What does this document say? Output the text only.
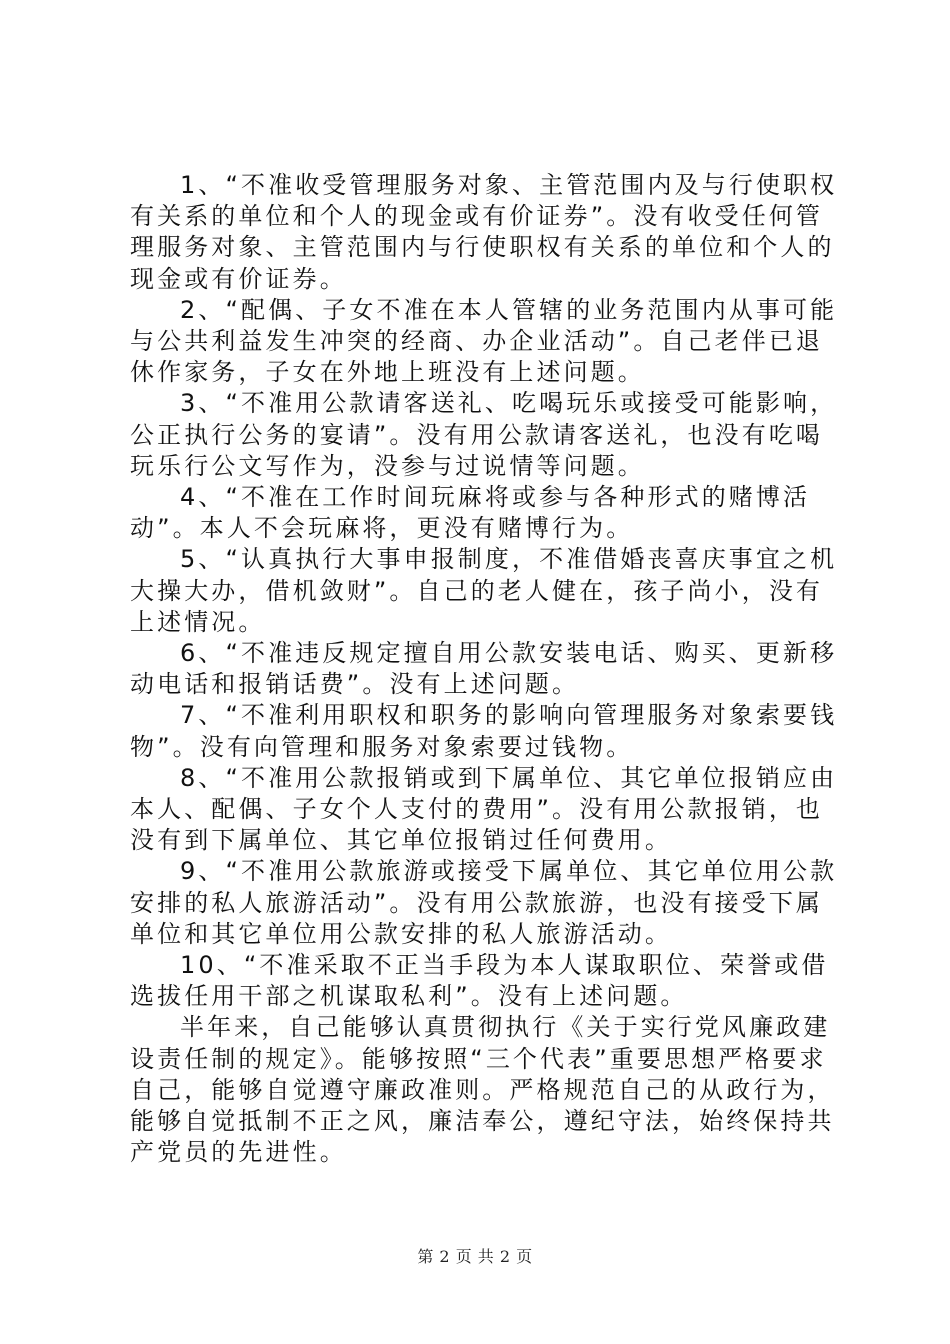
1、“不准收受管理服务对象、主管范围内及与行使职权有关系的单位和个人的现金或有价证券”。没有收受任何管理服务对象、主管范围内与行使职权有关系的单位和个人的现金或有价证券。

2、“配偶、子女不准在本人管辖的业务范围内从事可能与公共利益发生冲突的经商、办企业活动”。自己老伴已退休作家务，子女在外地上班没有上述问题。

3、“不准用公款请客送礼、吃喝玩乐或接受可能影响，公正执行公务的宴请”。没有用公款请客送礼，也没有吃喝玩乐行公文写作为，没参与过说情等问题。

4、“不准在工作时间玩麻将或参与各种形式的赌博活动”。本人不会玩麻将，更没有赌博行为。

5、“认真执行大事申报制度，不准借婚丧喜庆事宜之机大操大办，借机敛财”。自己的老人健在，孩子尚小，没有上述情况。

6、“不准违反规定擅自用公款安装电话、购买、更新移动电话和报销话费”。没有上述问题。

7、“不准利用职权和职务的影响向管理服务对象索要钱物”。没有向管理和服务对象索要过钱物。

8、“不准用公款报销或到下属单位、其它单位报销应由本人、配偶、子女个人支付的费用”。没有用公款报销，也没有到下属单位、其它单位报销过任何费用。

9、“不准用公款旅游或接受下属单位、其它单位用公款安排的私人旅游活动”。没有用公款旅游，也没有接受下属单位和其它单位用公款安排的私人旅游活动。

10、“不准采取不正当手段为本人谋取职位、荣誉或借选拔任用干部之机谋取私利”。没有上述问题。

半年来，自己能够认真贯彻执行《关于实行党风廉政建设责任制的规定》。能够按照“三个代表”重要思想严格要求自己，能够自觉遵守廉政准则。严格规范自己的从政行为，能够自觉抵制不正之风，廉洁奉公，遵纪守法，始终保持共产党员的先进性。

第 2 页 共 2 页
